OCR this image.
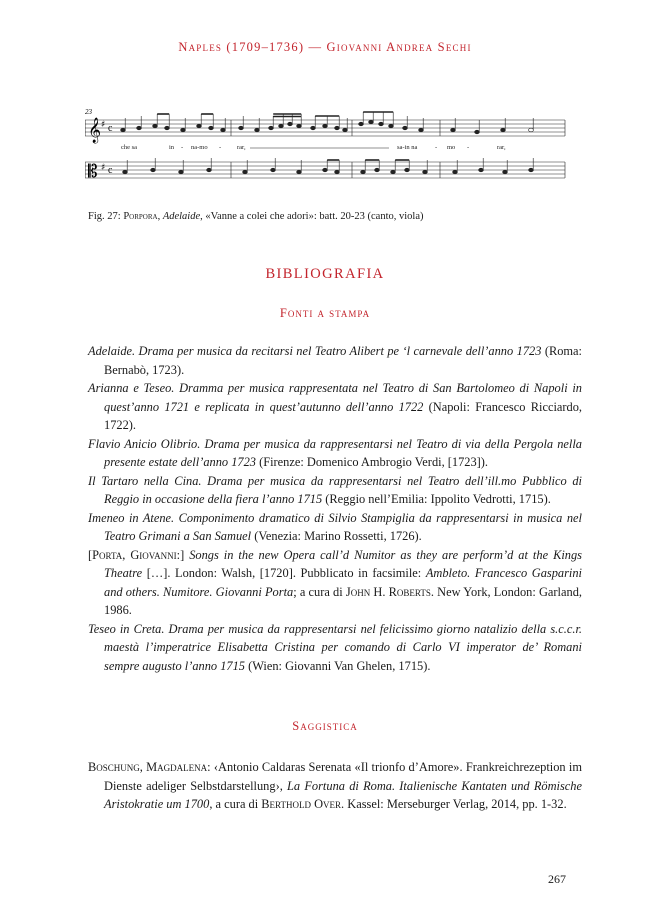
Naples (1709–1736) — Giovanni Andrea Sechi
23
𝄞 ♯ c
che sa	in - na-mo - rar,	sa-in na	- mo -	rar,
𝄡 ♯ c
Fig. 27: Porpora, Adelaide, «Vanne a colei che adori»: batt. 20-23 (canto, viola)
BIBLIOGRAFIA
Fonti a stampa

Adelaide. Drama per musica da recitarsi nel Teatro Alibert pe ‘l carnevale dell’anno 1723 (Roma: Bernabò, 1723).

Arianna e Teseo. Dramma per musica rappresentata nel Teatro di San Bartolomeo di Napoli in quest’anno 1721 e replicata in quest’autunno dell’anno 1722 (Napoli: Francesco Ricciardo, 1722).

Flavio Anicio Olibrio. Drama per musica da rappresentarsi nel Teatro di via della Pergola nella presente estate dell’anno 1723 (Firenze: Domenico Ambrogio Verdi, [1723]).

Il Tartaro nella Cina. Drama per musica da rappresentarsi nel Teatro dell’ill.mo Pubblico di Reggio in occasione della fiera l’anno 1715 (Reggio nell’Emilia: Ippolito Vedrotti, 1715).

Imeneo in Atene. Componimento dramatico di Silvio Stampiglia da rappresentarsi in musica nel Teatro Grimani a San Samuel (Venezia: Marino Rossetti, 1726).

[Porta, Giovanni:] Songs in the new Opera call’d Numitor as they are perform’d at the Kings Theatre […]. London: Walsh, [1720]. Pubblicato in facsimile: Ambleto. Francesco Gasparini and others. Numitore. Giovanni Porta; a cura di John H. Roberts. New York, London: Garland, 1986.

Teseo in Creta. Drama per musica da rappresentarsi nel felicissimo giorno natalizio della s.c.c.r. maestà l’imperatrice Elisabetta Cristina per comando di Carlo VI imperator de’ Romani sempre augusto l’anno 1715 (Wien: Giovanni Van Ghelen, 1715).

Saggistica

Boschung, Magdalena: ‹Antonio Caldaras Serenata «Il trionfo d’Amore». Frankreichrezeption im Dienste adeliger Selbstdarstellung›, La Fortuna di Roma. Italienische Kantaten und Römische Aristokratie um 1700, a cura di Berthold Over. Kassel: Merseburger Verlag, 2014, pp. 1-32.

267
